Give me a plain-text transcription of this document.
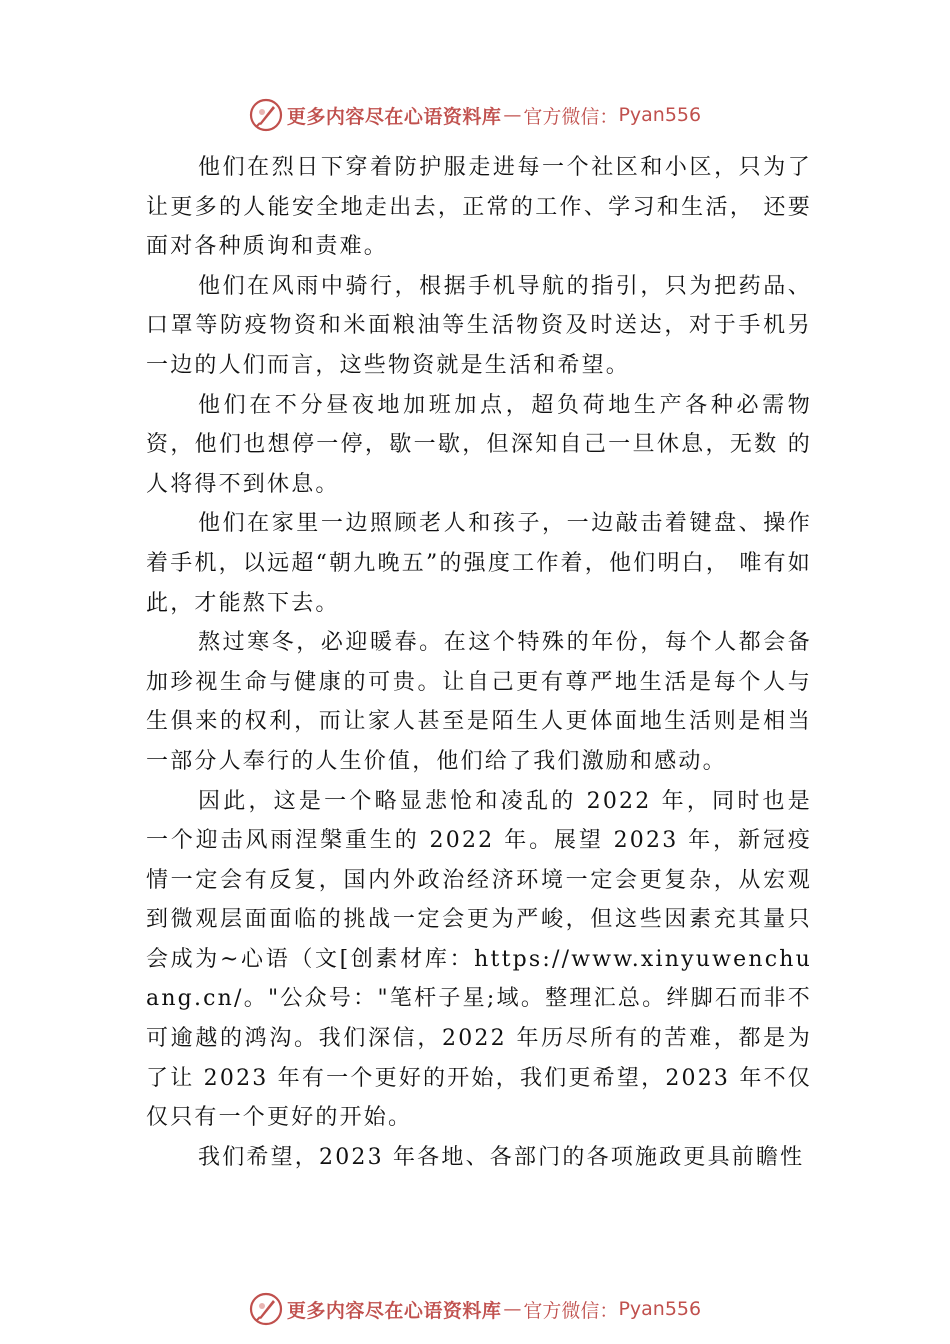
更多内容尽在心语资料库 — 官方微信： Pyan556

他们在烈日下穿着防护服走进每一个社区和小区，只为了让更多的人能安全地走出去，正常的工作、学习和生活， 还要面对各种质询和责难。

他们在风雨中骑行，根据手机导航的指引，只为把药品、口罩等防疫物资和米面粮油等生活物资及时送达，对于手机另一边的人们而言，这些物资就是生活和希望。

他们在不分昼夜地加班加点，超负荷地生产各种必需物资，他们也想停一停，歇一歇，但深知自己一旦休息，无数 的人将得不到休息。

他们在家里一边照顾老人和孩子，一边敲击着键盘、操作着手机，以远超“朝九晚五”的强度工作着，他们明白， 唯有如此，才能熬下去。

熬过寒冬，必迎暖春。在这个特殊的年份，每个人都会备加珍视生命与健康的可贵。让自己更有尊严地生活是每个人与生俱来的权利，而让家人甚至是陌生人更体面地生活则是相当一部分人奉行的人生价值，他们给了我们激励和感动。

因此，这是一个略显悲怆和凌乱的 2022 年，同时也是一个迎击风雨涅槃重生的 2022 年。展望 2023 年，新冠疫情一定会有反复，国内外政治经济环境一定会更复杂，从宏观到微观层面面临的挑战一定会更为严峻，但这些因素充其量只会成为~心语（文[创素材库：https://www.xinyuwenchuang.cn/。"公众号："笔杆子星;域。整理汇总。绊脚石而非不可逾越的鸿沟。我们深信，2022 年历尽所有的苦难，都是为了让 2023 年有一个更好的开始，我们更希望，2023 年不仅仅只有一个更好的开始。

我们希望，2023 年各地、各部门的各项施政更具前瞻性

更多内容尽在心语资料库 — 官方微信： Pyan556
